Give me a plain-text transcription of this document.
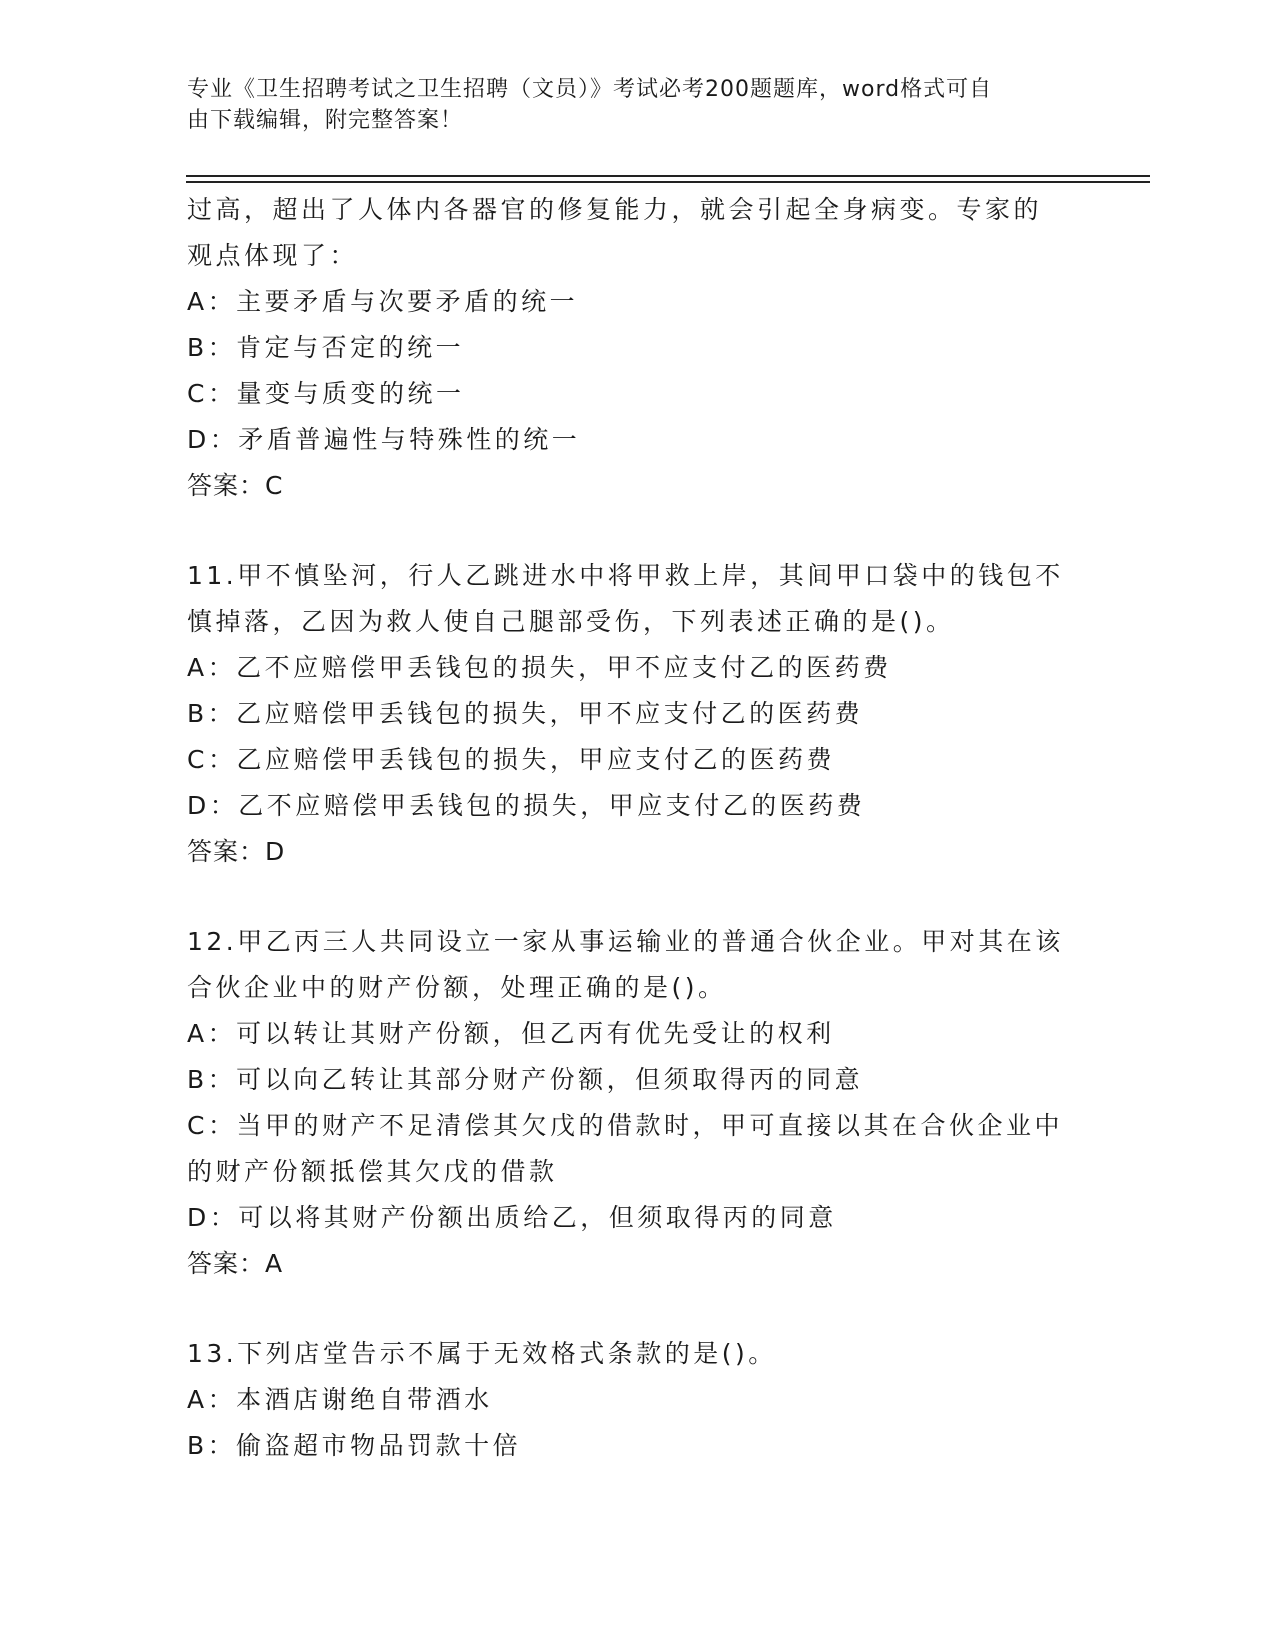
专业《卫生招聘考试之卫生招聘（文员）》考试必考200题题库，word格式可自
由下载编辑，附完整答案！

过高，超出了人体内各器官的修复能力，就会引起全身病变。专家的

观点体现了：

A：主要矛盾与次要矛盾的统一

B：肯定与否定的统一

C：量变与质变的统一

D：矛盾普遍性与特殊性的统一

答案：C

11.甲不慎坠河，行人乙跳进水中将甲救上岸，其间甲口袋中的钱包不

慎掉落，乙因为救人使自己腿部受伤，下列表述正确的是()。

A：乙不应赔偿甲丢钱包的损失，甲不应支付乙的医药费

B：乙应赔偿甲丢钱包的损失，甲不应支付乙的医药费

C：乙应赔偿甲丢钱包的损失，甲应支付乙的医药费

D：乙不应赔偿甲丢钱包的损失，甲应支付乙的医药费

答案：D

12.甲乙丙三人共同设立一家从事运输业的普通合伙企业。甲对其在该

合伙企业中的财产份额，处理正确的是()。

A：可以转让其财产份额，但乙丙有优先受让的权利

B：可以向乙转让其部分财产份额，但须取得丙的同意

C：当甲的财产不足清偿其欠戊的借款时，甲可直接以其在合伙企业中

的财产份额抵偿其欠戊的借款

D：可以将其财产份额出质给乙，但须取得丙的同意

答案：A

13.下列店堂告示不属于无效格式条款的是()。

A：本酒店谢绝自带酒水

B：偷盗超市物品罚款十倍
